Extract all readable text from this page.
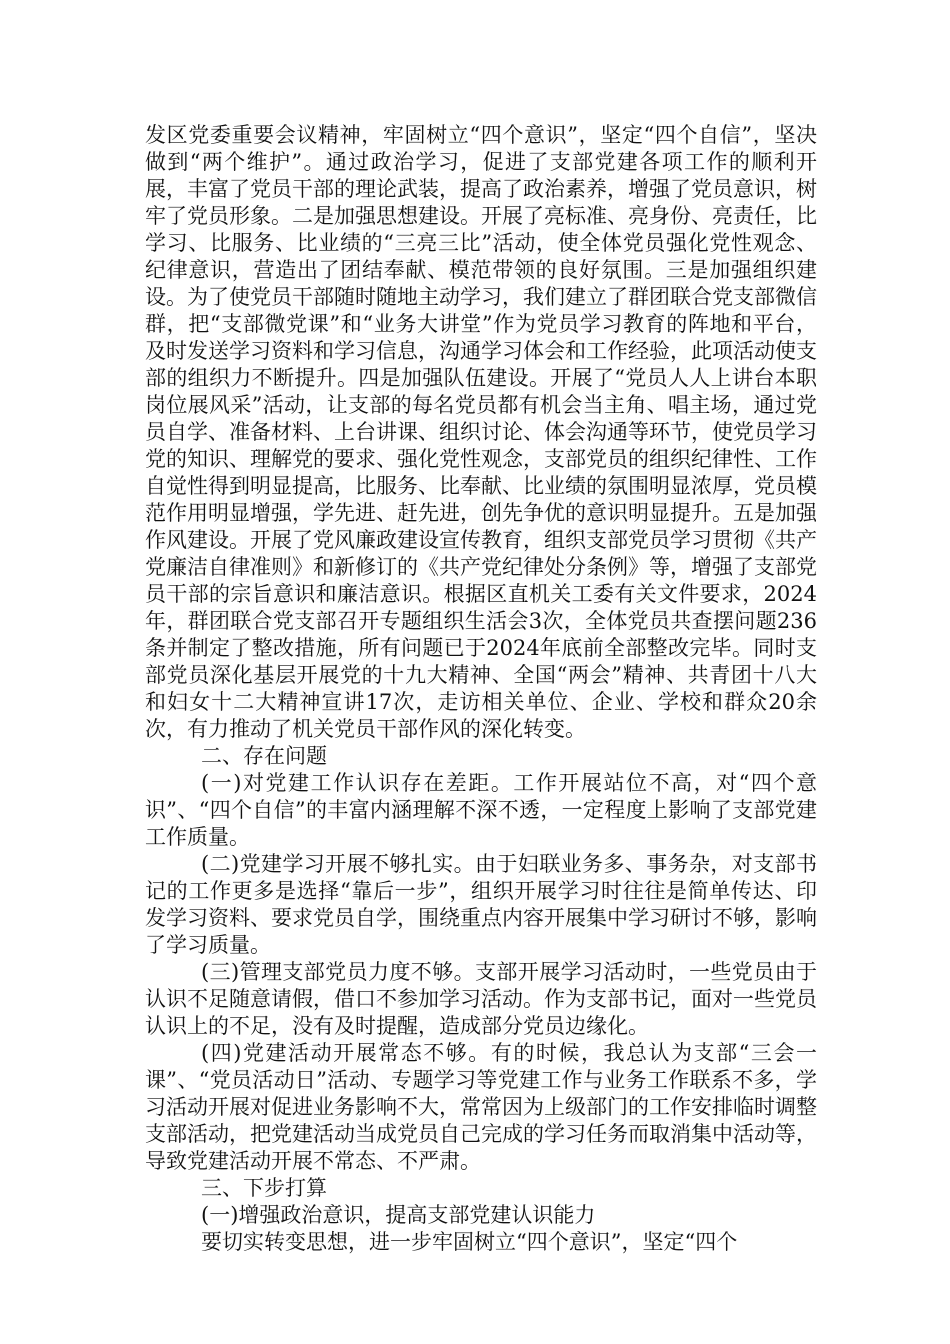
发区党委重要会议精神，牢固树立“四个意识”，坚定“四个自信”，坚决做到“两个维护”。通过政治学习，促进了支部党建各项工作的顺利开展，丰富了党员干部的理论武装，提高了政治素养，增强了党员意识，树牢了党员形象。二是加强思想建设。开展了亮标准、亮身份、亮责任，比学习、比服务、比业绩的“三亮三比”活动，使全体党员强化党性观念、纪律意识，营造出了团结奉献、模范带领的良好氛围。三是加强组织建设。为了使党员干部随时随地主动学习，我们建立了群团联合党支部微信群，把“支部微党课”和“业务大讲堂”作为党员学习教育的阵地和平台，及时发送学习资料和学习信息，沟通学习体会和工作经验，此项活动使支部的组织力不断提升。四是加强队伍建设。开展了“党员人人上讲台本职岗位展风采”活动，让支部的每名党员都有机会当主角、唱主场，通过党员自学、准备材料、上台讲课、组织讨论、体会沟通等环节，使党员学习党的知识、理解党的要求、强化党性观念，支部党员的组织纪律性、工作自觉性得到明显提高，比服务、比奉献、比业绩的氛围明显浓厚，党员模范作用明显增强，学先进、赶先进，创先争优的意识明显提升。五是加强作风建设。开展了党风廉政建设宣传教育，组织支部党员学习贯彻《共产党廉洁自律准则》和新修订的《共产党纪律处分条例》等，增强了支部党员干部的宗旨意识和廉洁意识。根据区直机关工委有关文件要求，2024年，群团联合党支部召开专题组织生活会3次，全体党员共查摆问题236条并制定了整改措施，所有问题已于2024年底前全部整改完毕。同时支部党员深化基层开展党的十九大精神、全国“两会”精神、共青团十八大和妇女十二大精神宣讲17次，走访相关单位、企业、学校和群众20余次，有力推动了机关党员干部作风的深化转变。

二、存在问题

(一)对党建工作认识存在差距。工作开展站位不高，对“四个意识”、“四个自信”的丰富内涵理解不深不透，一定程度上影响了支部党建工作质量。

(二)党建学习开展不够扎实。由于妇联业务多、事务杂，对支部书记的工作更多是选择“靠后一步”，组织开展学习时往往是简单传达、印发学习资料、要求党员自学，围绕重点内容开展集中学习研讨不够，影响了学习质量。

(三)管理支部党员力度不够。支部开展学习活动时，一些党员由于认识不足随意请假，借口不参加学习活动。作为支部书记，面对一些党员认识上的不足，没有及时提醒，造成部分党员边缘化。

(四)党建活动开展常态不够。有的时候，我总认为支部“三会一课”、“党员活动日”活动、专题学习等党建工作与业务工作联系不多，学习活动开展对促进业务影响不大，常常因为上级部门的工作安排临时调整支部活动，把党建活动当成党员自己完成的学习任务而取消集中活动等，导致党建活动开展不常态、不严肃。

三、下步打算

(一)增强政治意识，提高支部党建认识能力

要切实转变思想，进一步牢固树立“四个意识”，坚定“四个
